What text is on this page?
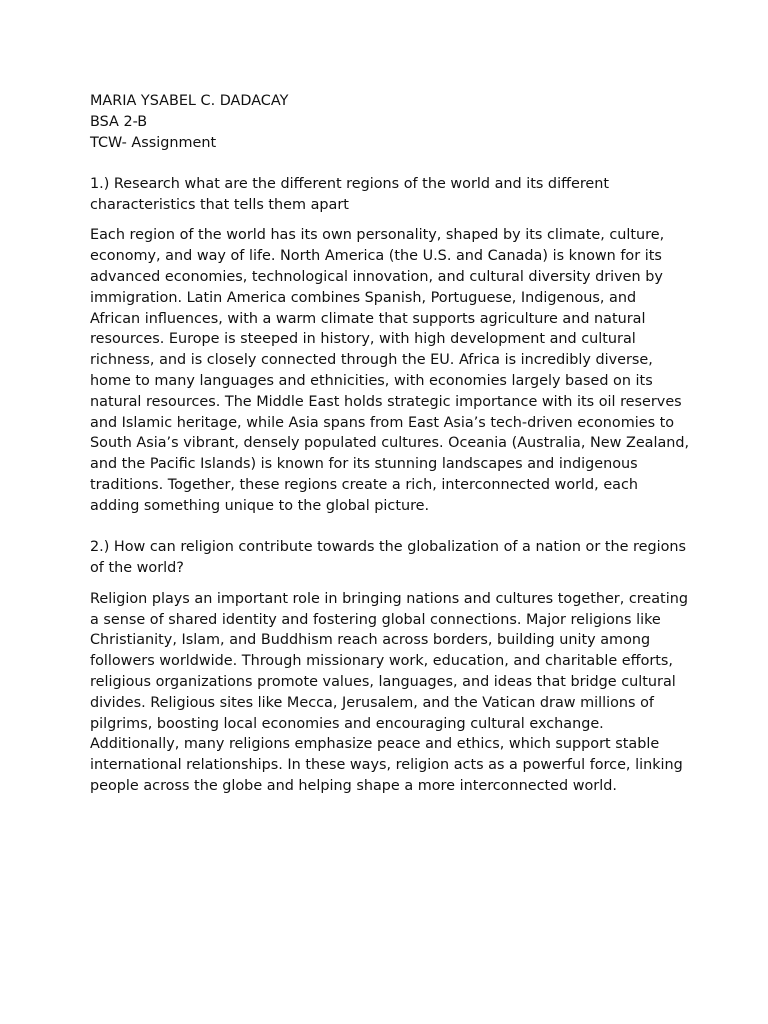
MARIA YSABEL C. DADACAY
BSA 2-B
TCW- Assignment

1.) Research what are the different regions of the world and its different characteristics that tells them apart

Each region of the world has its own personality, shaped by its climate, culture, economy, and way of life. North America (the U.S. and Canada) is known for its advanced economies, technological innovation, and cultural diversity driven by immigration. Latin America combines Spanish, Portuguese, Indigenous, and African influences, with a warm climate that supports agriculture and natural resources. Europe is steeped in history, with high development and cultural richness, and is closely connected through the EU. Africa is incredibly diverse, home to many languages and ethnicities, with economies largely based on its natural resources. The Middle East holds strategic importance with its oil reserves and Islamic heritage, while Asia spans from East Asia’s tech-driven economies to South Asia’s vibrant, densely populated cultures. Oceania (Australia, New Zealand, and the Pacific Islands) is known for its stunning landscapes and indigenous traditions. Together, these regions create a rich, interconnected world, each adding something unique to the global picture.

2.) How can religion contribute towards the globalization of a nation or the regions of the world?

Religion plays an important role in bringing nations and cultures together, creating a sense of shared identity and fostering global connections. Major religions like Christianity, Islam, and Buddhism reach across borders, building unity among followers worldwide. Through missionary work, education, and charitable efforts, religious organizations promote values, languages, and ideas that bridge cultural divides. Religious sites like Mecca, Jerusalem, and the Vatican draw millions of pilgrims, boosting local economies and encouraging cultural exchange. Additionally, many religions emphasize peace and ethics, which support stable international relationships. In these ways, religion acts as a powerful force, linking people across the globe and helping shape a more interconnected world.
